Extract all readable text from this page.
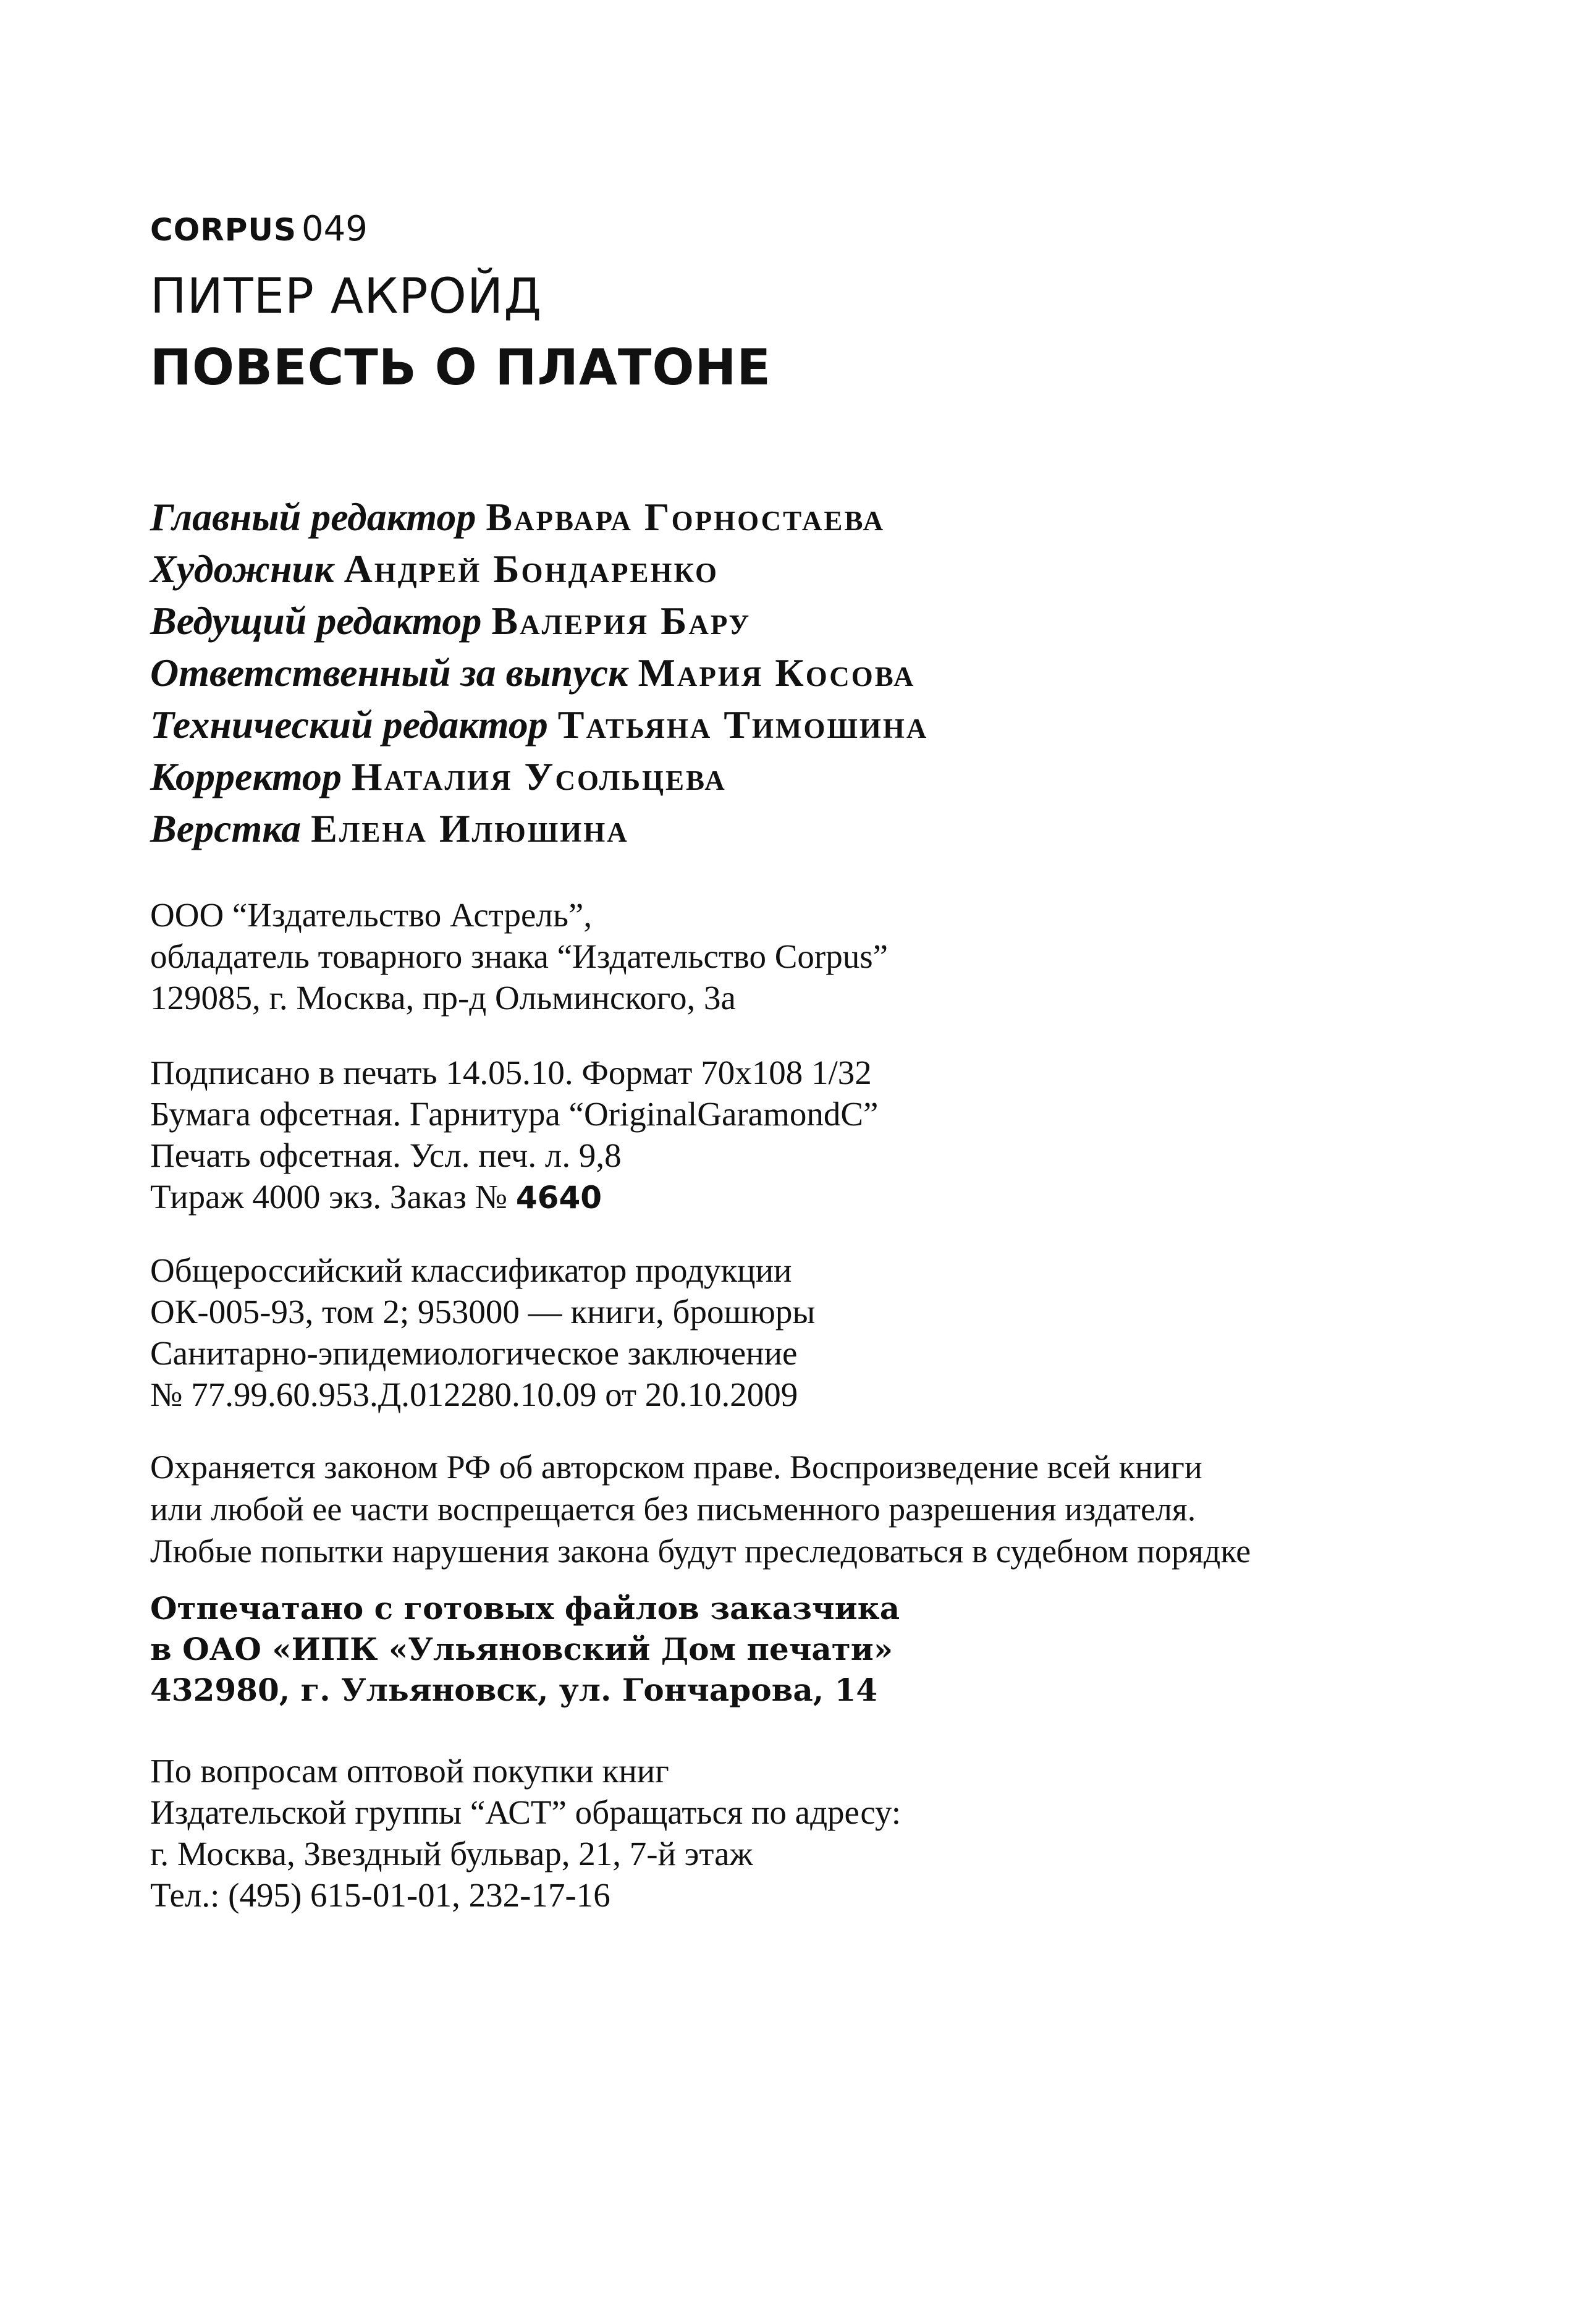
CORPUS 049
ПИТЕР АКРОЙД
ПОВЕСТЬ О ПЛАТОНЕ
Главный редактор Варвара Горностаева
Художник Андрей Бондаренко
Ведущий редактор Валерия Бару
Ответственный за выпуск Мария Косова
Технический редактор Татьяна Тимошина
Корректор Наталия Усольцева
Верстка Елена Илюшина
ООО “Издательство Астрель”,
обладатель товарного знака “Издательство Corpus”
129085, г. Москва, пр-д Ольминского, 3а
Подписано в печать 14.05.10. Формат 70x108 1/32
Бумага офсетная. Гарнитура “OriginalGaramondC”
Печать офсетная. Усл. печ. л. 9,8
Тираж 4000 экз. Заказ № 4640
Общероссийский классификатор продукции
ОК-005-93, том 2; 953000 — книги, брошюры
Санитарно-эпидемиологическое заключение
№ 77.99.60.953.Д.012280.10.09 от 20.10.2009
Охраняется законом РФ об авторском праве. Воспроизведение всей книги
или любой ее части воспрещается без письменного разрешения издателя.
Любые попытки нарушения закона будут преследоваться в судебном порядке
Отпечатано с готовых файлов заказчика
в ОАО «ИПК «Ульяновский Дом печати»
432980, г. Ульяновск, ул. Гончарова, 14
По вопросам оптовой покупки книг
Издательской группы “АСТ” обращаться по адресу:
г. Москва, Звездный бульвар, 21, 7-й этаж
Тел.: (495) 615-01-01, 232-17-16
